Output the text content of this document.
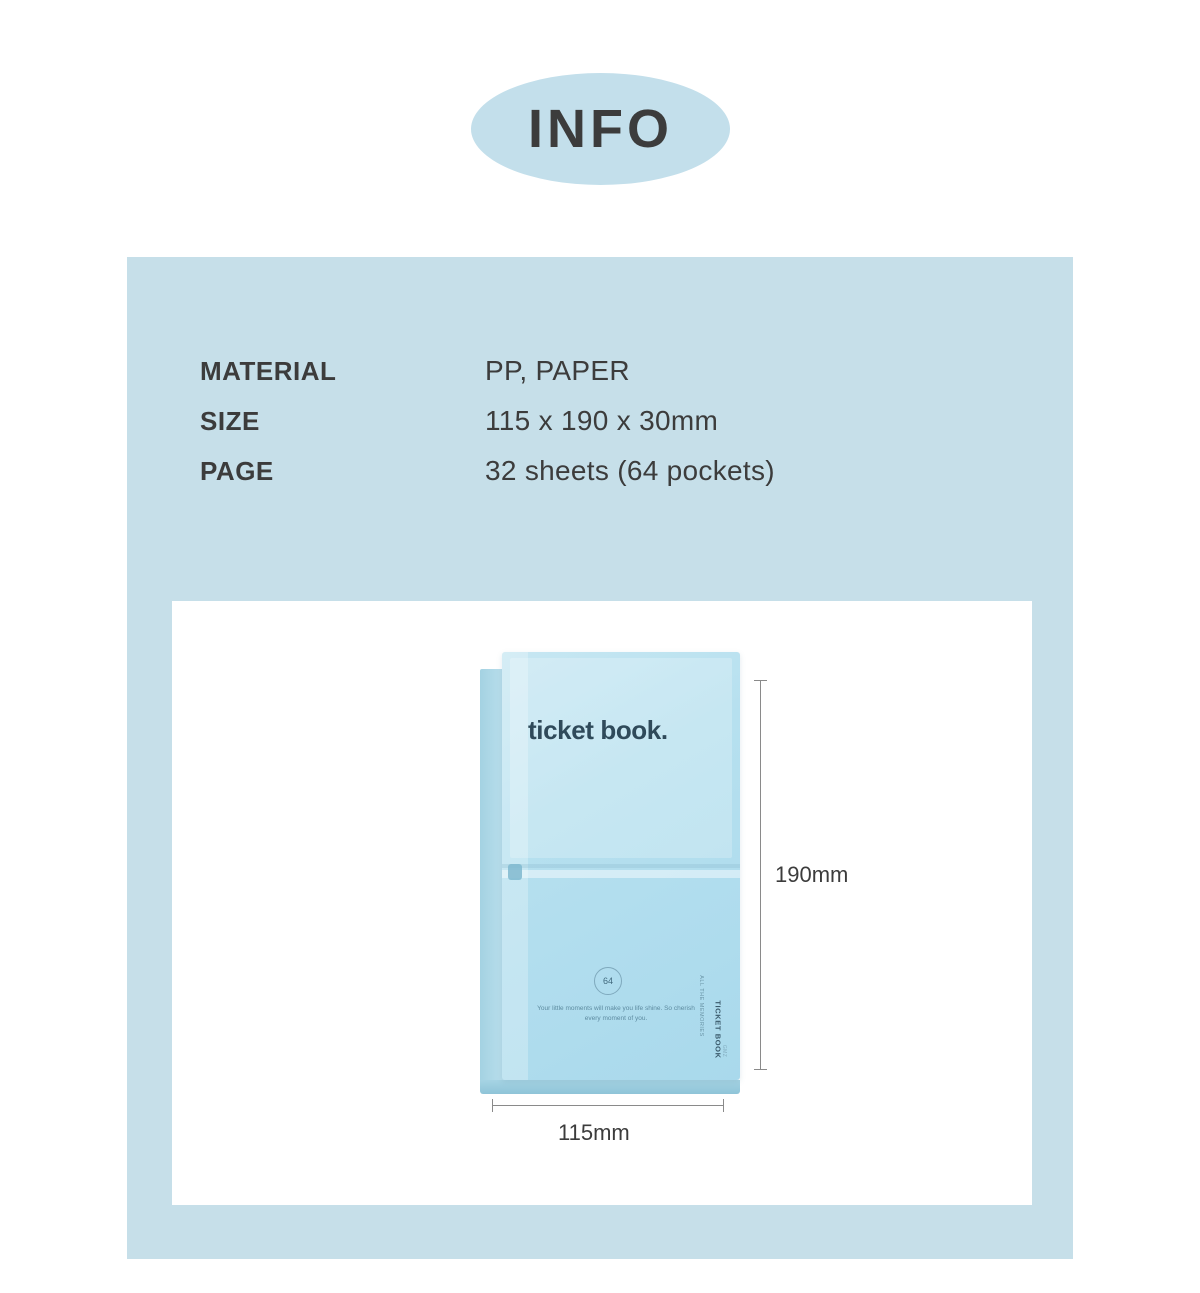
INFO
MATERIAL	PP, PAPER
SIZE	115 x 190 x 30mm
PAGE	32 sheets (64 pockets)
ticket book.
TICKET BOOK
ALL THE MEMORIES
64
Your little moments will make you life shine. So cherish every moment of you.
GMZ
190mm
115mm
